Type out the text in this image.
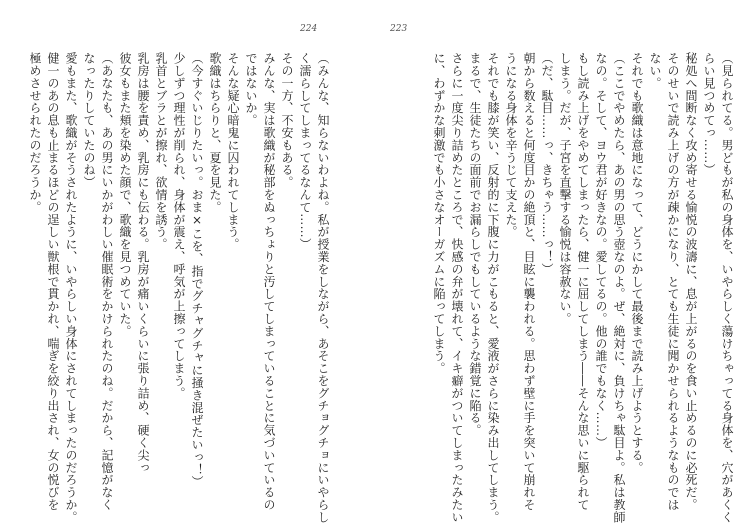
224
（みんな、知らないわよね。私が授業をしながら、あそこをグチョグチョにいやらし
く濡らしてしまってるなんて……）
その一方、不安もある。
みんな、実は歌織が秘部をぬっちょりと汚してしまっていることに気づいているの
ではないか。
そんな疑心暗鬼に囚われてしまう。
歌織はちらりと、夏を見た。
（今すぐいじりたいっ。おま×こを、指でグチャグチャに掻き混ぜたいっ！）
少しずつ理性が削られ、身体が震え、呼気が上擦ってしまう。
乳首とブラとが擦れ、欲情を誘う。
乳房は腰を責め、乳房にも伝わる。乳房が痛いくらいに張り詰め、硬く尖っ
彼女もまた頬を染めた顔で、歌織を見つめていた。
（あなたも、あの男にいかがわしい催眠術をかけられたのね。だから、記憶がなく
なったりしていたのね）
愛もまた、歌織がそうされたように、いやらしい身体にされてしまったのだろうか。
健一のあの息も止まるほどの逞しい獣根で貫かれ、喘ぎを絞り出され、女の悦びを
極めさせられたのだろうか。
223
（見られてる。男どもが私の身体を、いやらしく蕩けちゃってる身体を、穴があくく
らい見つめてっ……）
秘処へ間断なく攻め寄せる愉悦の波濤に、息が上がるのを食い止めるのに必死だ。
そのせいで読み上げの方が疎かになり、とても生徒に聞かせられるようなものでは
ない。
それでも歌織は意地になって、どうにかして最後まで読み上げようとする。
（ここでやめたら、あの男の思う壺なのよ。ぜ、絶対に、負けちゃ駄目よ。私は教師
なの。そして、ヨウ君が好きなの。愛してるの。他の誰でもなく……）
もし読み上げをやめてしまったら、健一に屈してしまう――そんな思いに駆られて
しまう。だが、子宮を直撃する愉悦は容赦ない。
（だ、駄目……っ、きちゃう……っ！）
朝から数えると何度目かの絶頂と、目眩に襲われる。思わず壁に手を突いて崩れそ
うになる身体を辛うじて支えた。
それでも膝が笑い、反射的に下腹に力がこもると、愛液がさらに染み出してしまう。
まるで、生徒たちの面前でお漏らしでもしているような錯覚に陥る。
さらに一度尖り詰めたところで、快感の弁が壊れて、イキ癖がついてしまったみたい
に、わずかな刺激でも小さなオーガズムに陥ってしまう。
